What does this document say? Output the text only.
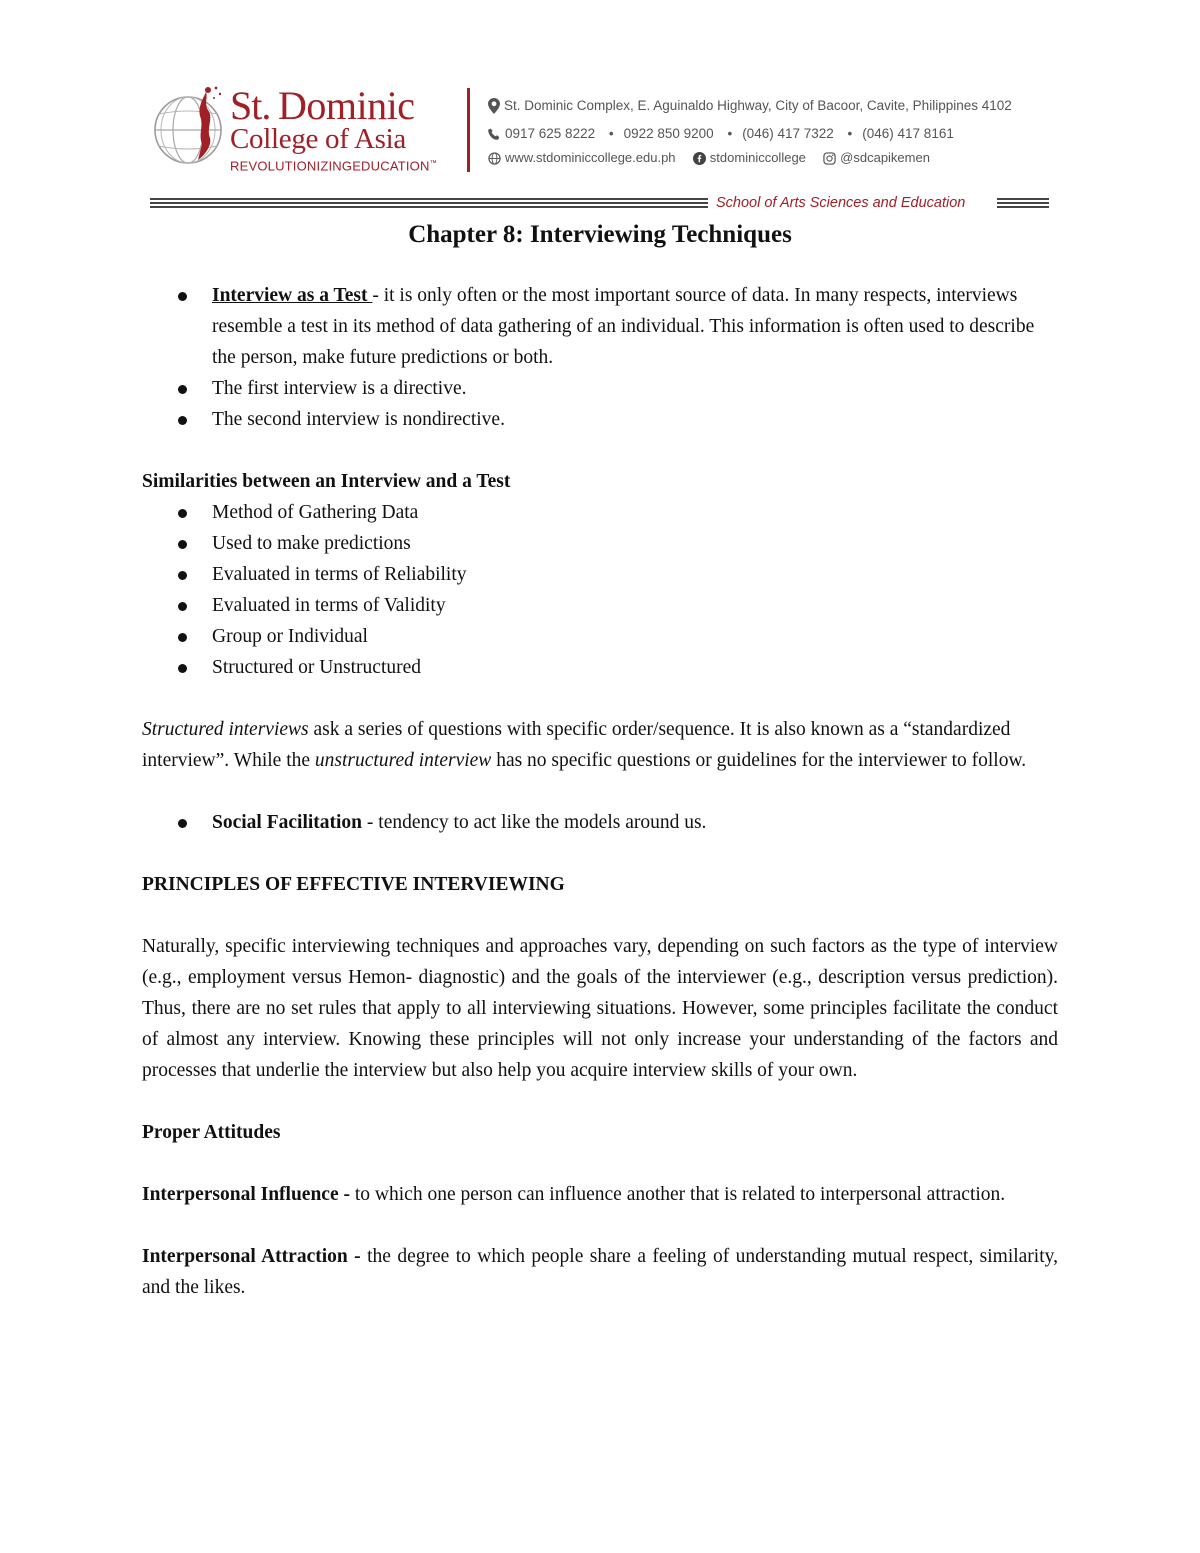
St. Dominic
College of Asia
REVOLUTIONIZINGEDUCATION™
St. Dominic Complex, E. Aguinaldo Highway, City of Bacoor, Cavite, Philippines 4102
0917 625 8222 • 0922 850 9200 • (046) 417 7322 • (046) 417 8161
www.stdominiccollege.edu.ph	stdominiccollege	@sdcapikemen
School of Arts Sciences and Education
Chapter 8: Interviewing Techniques
Interview as a Test - it is only often or the most important source of data. In many respects, interviews resemble a test in its method of data gathering of an individual. This information is often used to describe the person, make future predictions or both.
The first interview is a directive.
The second interview is nondirective.

Similarities between an Interview and a Test

Method of Gathering Data
Used to make predictions
Evaluated in terms of Reliability
Evaluated in terms of Validity
Group or Individual
Structured or Unstructured

Structured interviews ask a series of questions with specific order/sequence. It is also known as a “standardized interview”. While the unstructured interview has no specific questions or guidelines for the interviewer to follow.

Social Facilitation - tendency to act like the models around us.

PRINCIPLES OF EFFECTIVE INTERVIEWING

Naturally, specific interviewing techniques and approaches vary, depending on such factors as the type of interview (e.g., employment versus Hemon- diagnostic) and the goals of the interviewer (e.g., description versus prediction). Thus, there are no set rules that apply to all interviewing situations. However, some principles facilitate the conduct of almost any interview. Knowing these principles will not only increase your understanding of the factors and processes that underlie the interview but also help you acquire interview skills of your own.

Proper Attitudes

Interpersonal Influence - to which one person can influence another that is related to interpersonal attraction.

Interpersonal Attraction - the degree to which people share a feeling of understanding mutual respect, similarity, and the likes.
